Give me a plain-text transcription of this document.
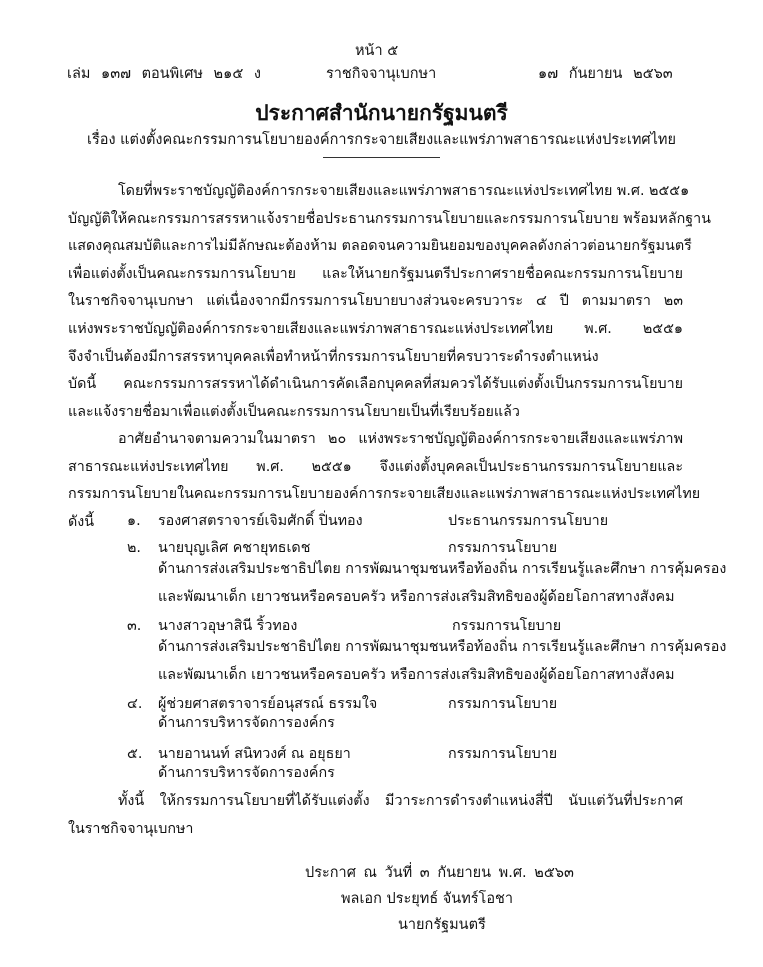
หน้า ๕
เล่ม ๑๓๗ ตอนพิเศษ ๒๑๕ ง	ราชกิจจานุเบกษา	๑๗ กันยายน ๒๕๖๓
ประกาศสำนักนายกรัฐมนตรี
เรื่อง แต่งตั้งคณะกรรมการนโยบายองค์การกระจายเสียงและแพร่ภาพสาธารณะแห่งประเทศไทย
โดยที่พระราชบัญญัติองค์การกระจายเสียงและแพร่ภาพสาธารณะแห่งประเทศไทย พ.ศ. ๒๕๕๑
บัญญัติให้คณะกรรมการสรรหาแจ้งรายชื่อประธานกรรมการนโยบายและกรรมการนโยบาย พร้อมหลักฐาน
แสดงคุณสมบัติและการไม่มีลักษณะต้องห้าม ตลอดจนความยินยอมของบุคคลดังกล่าวต่อนายกรัฐมนตรี
เพื่อแต่งตั้งเป็นคณะกรรมการนโยบาย และให้นายกรัฐมนตรีประกาศรายชื่อคณะกรรมการนโยบาย
ในราชกิจจานุเบกษา แต่เนื่องจากมีกรรมการนโยบายบางส่วนจะครบวาระ ๔ ปี ตามมาตรา ๒๓
แห่งพระราชบัญญัติองค์การกระจายเสียงและแพร่ภาพสาธารณะแห่งประเทศไทย พ.ศ. ๒๕๕๑
จึงจำเป็นต้องมีการสรรหาบุคคลเพื่อทำหน้าที่กรรมการนโยบายที่ครบวาระดำรงตำแหน่ง
บัดนี้ คณะกรรมการสรรหาได้ดำเนินการคัดเลือกบุคคลที่สมควรได้รับแต่งตั้งเป็นกรรมการนโยบาย
และแจ้งรายชื่อมาเพื่อแต่งตั้งเป็นคณะกรรมการนโยบายเป็นที่เรียบร้อยแล้ว
อาศัยอำนาจตามความในมาตรา ๒๐ แห่งพระราชบัญญัติองค์การกระจายเสียงและแพร่ภาพ
สาธารณะแห่งประเทศไทย พ.ศ. ๒๕๕๑ จึงแต่งตั้งบุคคลเป็นประธานกรรมการนโยบายและ
กรรมการนโยบายในคณะกรรมการนโยบายองค์การกระจายเสียงและแพร่ภาพสาธารณะแห่งประเทศไทย
ดังนี้	๑. รองศาสตราจารย์เจิมศักดิ์ ปิ่นทอง	ประธานกรรมการนโยบาย
๒. นายบุญเลิศ คชายุทธเดช	กรรมการนโยบาย
ด้านการส่งเสริมประชาธิปไตย การพัฒนาชุมชนหรือท้องถิ่น การเรียนรู้และศึกษา การคุ้มครอง
และพัฒนาเด็ก เยาวชนหรือครอบครัว หรือการส่งเสริมสิทธิของผู้ด้อยโอกาสทางสังคม
๓. นางสาวอุษาสินี ริ้วทอง	กรรมการนโยบาย
ด้านการส่งเสริมประชาธิปไตย การพัฒนาชุมชนหรือท้องถิ่น การเรียนรู้และศึกษา การคุ้มครอง
และพัฒนาเด็ก เยาวชนหรือครอบครัว หรือการส่งเสริมสิทธิของผู้ด้อยโอกาสทางสังคม
๔. ผู้ช่วยศาสตราจารย์อนุสรณ์ ธรรมใจ	กรรมการนโยบาย
ด้านการบริหารจัดการองค์กร
๕. นายอานนท์ สนิทวงศ์ ณ อยุธยา	กรรมการนโยบาย
ด้านการบริหารจัดการองค์กร
ทั้งนี้ ให้กรรมการนโยบายที่ได้รับแต่งตั้ง มีวาระการดำรงตำแหน่งสี่ปี นับแต่วันที่ประกาศ
ในราชกิจจานุเบกษา
ประกาศ ณ วันที่ ๓ กันยายน พ.ศ. ๒๕๖๓
พลเอก ประยุทธ์ จันทร์โอชา
นายกรัฐมนตรี
